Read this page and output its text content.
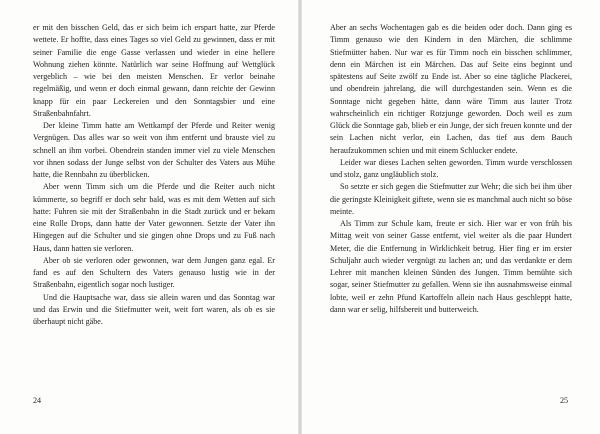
er mit den bisschen Geld, das er sich beim ich erspart hatte, zur Pferde wettete. Er hoffte, dass eines Tages so viel Geld zu gewinnen, dass er mit seiner Familie die enge Gasse verlassen und wieder in eine hellere Wohnung ziehen könnte. Natürlich war seine Hoffnung auf Wettglück vergeblich – wie bei den meisten Menschen. Er verlor beinahe regelmäßig, und wenn er doch einmal gewann, dann reichte der Gewinn knapp für ein paar Leckereien und den Sonntagsbier und eine Straßenbahnfahrt.

Der kleine Timm hatte am Wettkampf der Pferde und Reiter wenig Vergnügen. Das alles war so weit von ihm entfernt und brauste viel zu schnell an ihm vorbei. Obendrein standen immer viel zu viele Menschen vor ihnen sodass der Junge selbst von der Schulter des Vaters aus Mühe hatte, die Rennbahn zu überblicken.

Aber wenn Timm sich um die Pferde und die Reiter auch nicht kümmerte, so begriff er doch sehr bald, was es mit dem Wetten auf sich hatte: Fuhren sie mit der Straßenbahn in die Stadt zurück und er bekam eine Rolle Drops, dann hatte der Vater gewonnen. Setzte der Vater ihn Hingegen auf die Schulter und sie gingen ohne Drops und zu Fuß nach Haus, dann hatten sie verloren.

Aber ob sie verloren oder gewonnen, war dem Jungen ganz egal. Er fand es auf den Schultern des Vaters genauso lustig wie in der Straßenbahn, eigentlich sogar noch lustiger.

Und die Hauptsache war, dass sie allein waren und das Sonntag war und das Erwin und die Stiefmutter weit, weit fort waren, als ob es sie überhaupt nicht gäbe.

24

Aber an sechs Wochentagen gab es die beiden oder doch. Dann ging es Timm genauso wie den Kindern in den Märchen, die schlimme Stiefmütter haben. Nur war es für Timm noch ein bisschen schlimmer, denn ein Märchen ist ein Märchen. Das auf Seite eins beginnt und spätestens auf Seite zwölf zu Ende ist. Aber so eine tägliche Plackerei, und obendrein jahrelang, die will durchgestanden sein. Wenn es die Sonntage nicht gegeben hätte, dann wäre Timm aus lauter Trotz wahrscheinlich ein richtiger Rotzjunge geworden. Doch weil es zum Glück die Sonntage gab, blieb er ein Junge, der sich freuen konnte und der sein Lachen nicht verlor, ein Lachen, das tief aus dem Bauch heraufzukommen schien und mit einem Schlucker endete.

Leider war dieses Lachen selten geworden. Timm wurde verschlossen und stolz, ganz ungläublich stolz.

So setzte er sich gegen die Stiefmutter zur Wehr; die sich bei ihm über die geringste Kleinigkeit giftete, wenn sie es manchmal auch nicht so böse meinte.

Als Timm zur Schule kam, freute er sich. Hier war er von früh bis Mittag weit von seiner Gasse entfernt, viel weiter als die paar Hundert Meter, die die Entfernung in Wirklichkeit betrug. Hier fing er im erster Schuljahr auch wieder vergnügt zu lachen an; und das verdankte er dem Lehrer mit manchen kleinen Sünden des Jungen. Timm bemühte sich sogar, seiner Stiefmutter zu gefallen. Wenn sie ihn ausnahmsweise einmal lobte, weil er zehn Pfund Kartoffeln allein nach Haus geschleppt hatte, dann war er selig, hilfsbereit und butterweich.

25
